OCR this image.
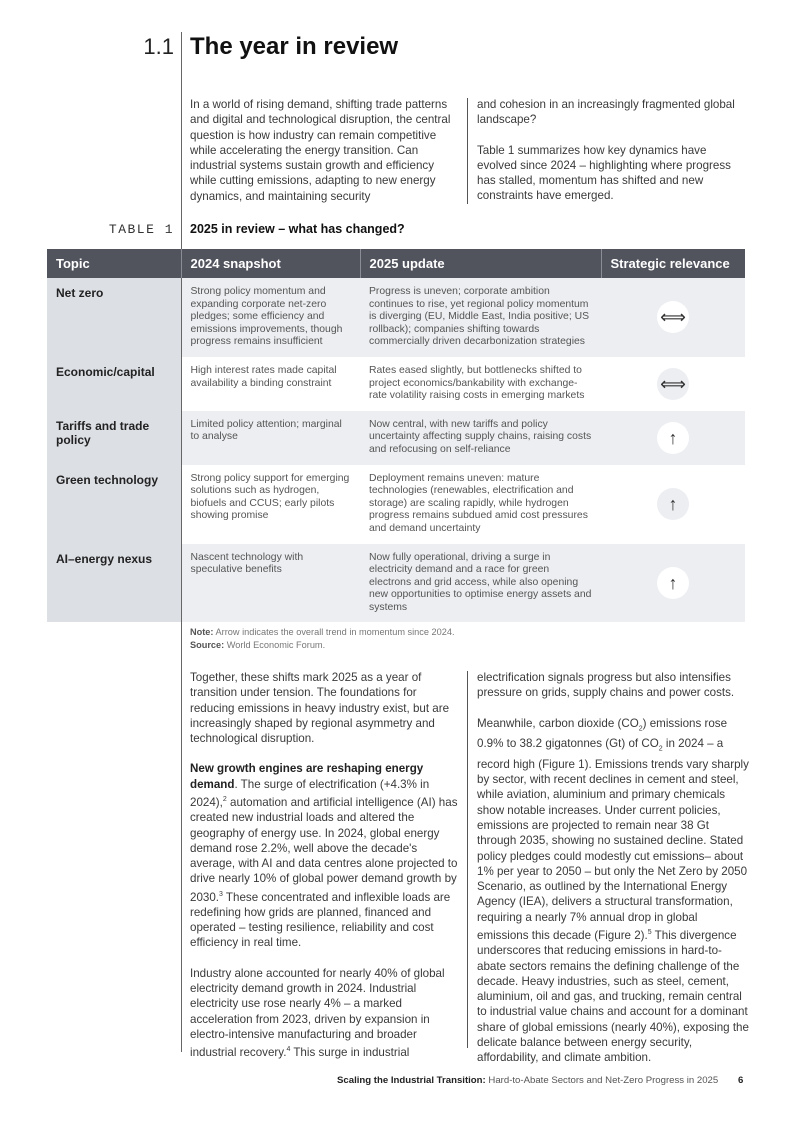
1.1 The year in review

In a world of rising demand, shifting trade patterns and digital and technological disruption, the central question is how industry can remain competitive while accelerating the energy transition. Can industrial systems sustain growth and efficiency while cutting emissions, adapting to new energy dynamics, and maintaining security

and cohesion in an increasingly fragmented global landscape?

Table 1 summarizes how key dynamics have evolved since 2024 – highlighting where progress has stalled, momentum has shifted and new constraints have emerged.

TABLE 1 2025 in review – what has changed?
Topic	2024 snapshot	2025 update	Strategic relevance
Net zero	Strong policy momentum and expanding corporate net-zero pledges; some efficiency and emissions improvements, though progress remains insufficient	Progress is uneven; corporate ambition continues to rise, yet regional policy momentum is diverging (EU, Middle East, India positive; US rollback); companies shifting towards commercially driven decarbonization strategies	⟺
Economic/capital	High interest rates made capital availability a binding constraint	Rates eased slightly, but bottlenecks shifted to project economics/bankability with exchange-rate volatility raising costs in emerging markets	⟺
Tariffs and trade policy	Limited policy attention; marginal to analyse	Now central, with new tariffs and policy uncertainty affecting supply chains, raising costs and refocusing on self-reliance	↑
Green technology	Strong policy support for emerging solutions such as hydrogen, biofuels and CCUS; early pilots showing promise	Deployment remains uneven: mature technologies (renewables, electrification and storage) are scaling rapidly, while hydrogen progress remains subdued amid cost pressures and demand uncertainty	↑
AI–energy nexus	Nascent technology with speculative benefits	Now fully operational, driving a surge in electricity demand and a race for green electrons and grid access, while also opening new opportunities to optimise energy assets and systems	↑
Note: Arrow indicates the overall trend in momentum since 2024.
Source: World Economic Forum.

Together, these shifts mark 2025 as a year of transition under tension. The foundations for reducing emissions in heavy industry exist, but are increasingly shaped by regional asymmetry and technological disruption.

New growth engines are reshaping energy demand. The surge of electrification (+4.3% in 2024),$^2$ automation and artificial intelligence (AI) has created new industrial loads and altered the geography of energy use. In 2024, global energy demand rose 2.2%, well above the decade's average, with AI and data centres alone projected to drive nearly 10% of global power demand growth by 2030.$^3$ These concentrated and inflexible loads are redefining how grids are planned, financed and operated – testing resilience, reliability and cost efficiency in real time.

Industry alone accounted for nearly 40% of global electricity demand growth in 2024. Industrial electricity use rose nearly 4% – a marked acceleration from 2023, driven by expansion in electro-intensive manufacturing and broader industrial recovery.$^4$ This surge in industrial

electrification signals progress but also intensifies pressure on grids, supply chains and power costs.

Meanwhile, carbon dioxide $(CO_2)$ emissions rose 0.9% to 38.2 gigatonnes (Gt) of $CO_2$ in 2024 – a record high (Figure 1). Emissions trends vary sharply by sector, with recent declines in cement and steel, while aviation, aluminium and primary chemicals show notable increases. Under current policies, emissions are projected to remain near 38 Gt through 2035, showing no sustained decline. Stated policy pledges could modestly cut emissions– about 1% per year to 2050 – but only the Net Zero by 2050 Scenario, as outlined by the International Energy Agency (IEA), delivers a structural transformation, requiring a nearly 7% annual drop in global emissions this decade (Figure 2).$^5$ This divergence underscores that reducing emissions in hard-to-abate sectors remains the defining challenge of the decade. Heavy industries, such as steel, cement, aluminium, oil and gas, and trucking, remain central to industrial value chains and account for a dominant share of global emissions (nearly 40%), exposing the delicate balance between energy security, affordability, and climate ambition.

Scaling the Industrial Transition: Hard-to-Abate Sectors and Net-Zero Progress in 2025 6
